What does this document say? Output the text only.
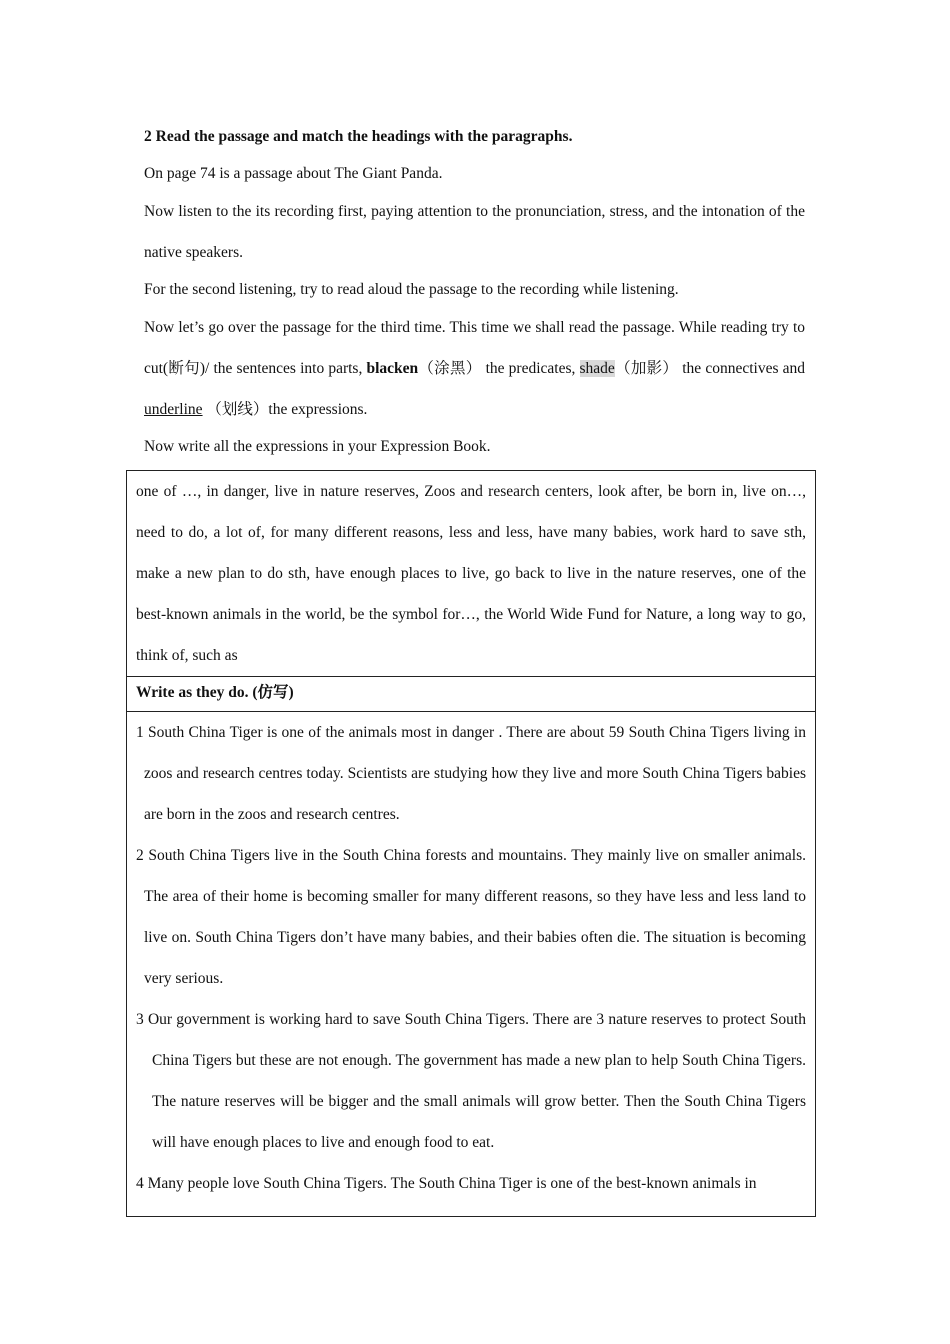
2 Read the passage and match the headings with the paragraphs.

On page 74 is a passage about The Giant Panda.

Now listen to the its recording first, paying attention to the pronunciation, stress, and the intonation of the native speakers.

For the second listening, try to read aloud the passage to the recording while listening.

Now let’s go over the passage for the third time. This time we shall read the passage. While reading try to cut(断句)/ the sentences into parts, blacken（涂黑） the predicates, shade（加影） the connectives and underline （划线）the expressions.

Now write all the expressions in your Expression Book.

one of …, in danger, live in nature reserves, Zoos and research centers, look after, be born in, live on…, need to do, a lot of, for many different reasons, less and less, have many babies, work hard to save sth, make a new plan to do sth, have enough places to live, go back to live in the nature reserves, one of the best-known animals in the world, be the symbol for…, the World Wide Fund for Nature, a long way to go, think of, such as
Write as they do. (仿写)

1 South China Tiger is one of the animals most in danger . There are about 59 South China Tigers living in zoos and research centres today. Scientists are studying how they live and more South China Tigers babies are born in the zoos and research centres.

2 South China Tigers live in the South China forests and mountains. They mainly live on smaller animals. The area of their home is becoming smaller for many different reasons, so they have less and less land to live on. South China Tigers don’t have many babies, and their babies often die. The situation is becoming very serious.

3 Our government is working hard to save South China Tigers. There are 3 nature reserves to protect South China Tigers but these are not enough. The government has made a new plan to help South China Tigers. The nature reserves will be bigger and the small animals will grow better. Then the South China Tigers will have enough places to live and enough food to eat.

4 Many people love South China Tigers. The South China Tiger is one of the best-known animals in
